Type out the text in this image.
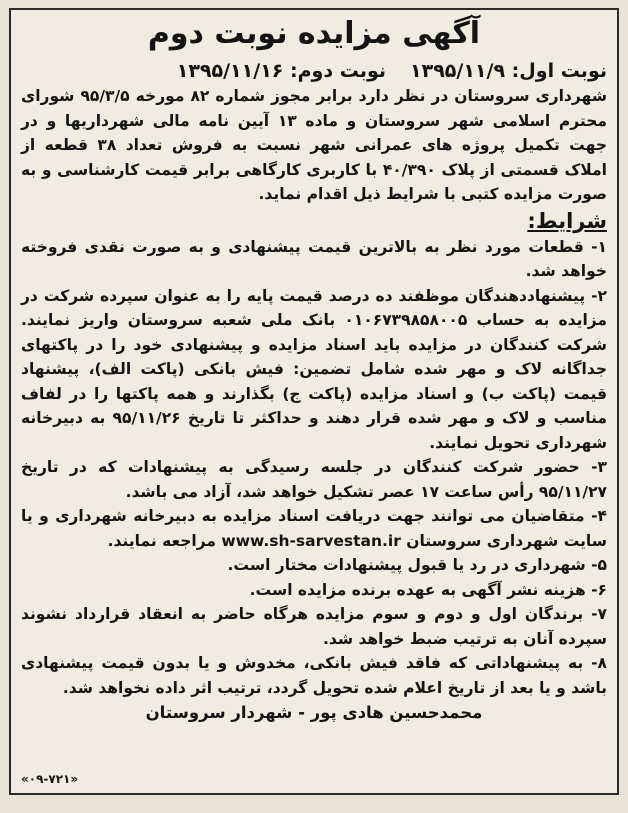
آگهی مزایده نوبت دوم
نوبت اول: ۱۳۹۵/۱۱/۹
نوبت دوم: ۱۳۹۵/۱۱/۱۶

شهرداری سروستان در نظر دارد برابر مجوز شماره ۸۲ مورخه ۹۵/۳/۵ شورای محترم اسلامی شهر سروستان و ماده ۱۳ آیین نامه مالی شهرداریها و در جهت تکمیل پروژه های عمرانی شهر نسبت به فروش تعداد ۳۸ قطعه از املاک قسمتی از پلاک ۴۰/۳۹۰ با کاربری کارگاهی برابر قیمت کارشناسی و به صورت مزایده کتبی با شرایط ذیل اقدام نماید.

شرایط:

۱- قطعات مورد نظر به بالاترین قیمت پیشنهادی و به صورت نقدی فروخته خواهد شد.

۲- پیشنهاددهندگان موظفند ده درصد قیمت پایه را به عنوان سپرده شرکت در مزایده به حساب ۰۱۰۶۷۳۹۸۵۸۰۰۵ بانک ملی شعبه سروستان واریز نمایند. شرکت کنندگان در مزایده باید اسناد مزایده و پیشنهادی خود را در پاکتهای جداگانه لاک و مهر شده شامل تضمین: فیش بانکی (پاکت الف)، پیشنهاد قیمت (پاکت ب) و اسناد مزایده (پاکت ج) بگذارند و همه پاکتها را در لفاف مناسب و لاک و مهر شده قرار دهند و حداکثر تا تاریخ ۹۵/۱۱/۲۶ به دبیرخانه شهرداری تحویل نمایند.

۳- حضور شرکت کنندگان در جلسه رسیدگی به پیشنهادات که در تاریخ ۹۵/۱۱/۲۷ رأس ساعت ۱۷ عصر تشکیل خواهد شد، آزاد می باشد.

۴- متقاضیان می توانند جهت دریافت اسناد مزایده به دبیرخانه شهرداری و یا سایت شهرداری سروستان www.sh-sarvestan.ir مراجعه نمایند.

۵- شهرداری در رد یا قبول پیشنهادات مختار است.

۶- هزینه نشر آگهی به عهده برنده مزایده است.

۷- برندگان اول و دوم و سوم مزایده هرگاه حاضر به انعقاد قرارداد نشوند سپرده آنان به ترتیب ضبط خواهد شد.

۸- به پیشنهاداتی که فاقد فیش بانکی، مخدوش و یا بدون قیمت پیشنهادی باشد و یا بعد از تاریخ اعلام شده تحویل گردد، ترتیب اثر داده نخواهد شد.

محمدحسین هادی پور - شهردار سروستان
«۰۹-۷۲۱»
